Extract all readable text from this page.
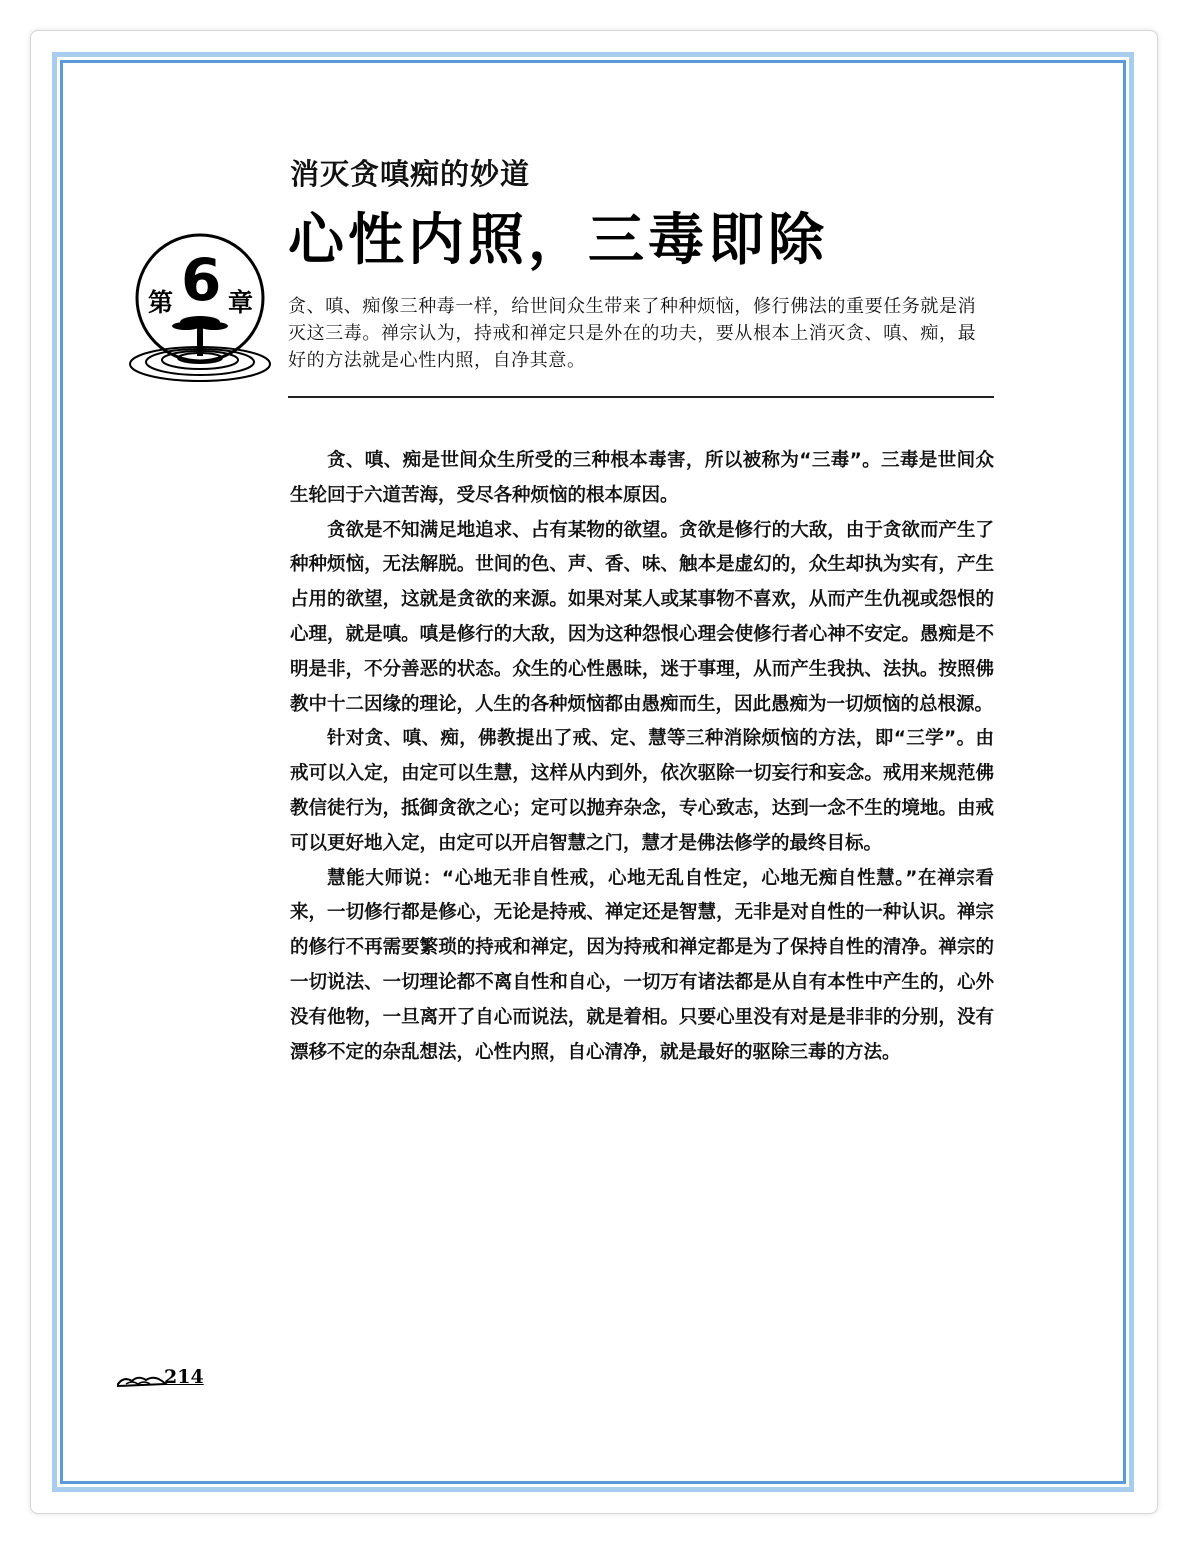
消灭贪嗔痴的妙道
心性内照，三毒即除
第 6 章 贪、嗔、痴像三种毒一样，给世间众生带来了种种烦恼，修行佛法的重要任务就是消灭这三毒。禅宗认为，持戒和禅定只是外在的功夫，要从根本上消灭贪、嗔、痴，最好的方法就是心性内照，自净其意。

贪、嗔、痴是世间众生所受的三种根本毒害，所以被称为“三毒”。三毒是世间众生轮回于六道苦海，受尽各种烦恼的根本原因。

贪欲是不知满足地追求、占有某物的欲望。贪欲是修行的大敌，由于贪欲而产生了种种烦恼，无法解脱。世间的色、声、香、味、触本是虚幻的，众生却执为实有，产生占用的欲望，这就是贪欲的来源。如果对某人或某事物不喜欢，从而产生仇视或怨恨的心理，就是嗔。嗔是修行的大敌，因为这种怨恨心理会使修行者心神不安定。愚痴是不明是非，不分善恶的状态。众生的心性愚昧，迷于事理，从而产生我执、法执。按照佛教中十二因缘的理论，人生的各种烦恼都由愚痴而生，因此愚痴为一切烦恼的总根源。

针对贪、嗔、痴，佛教提出了戒、定、慧等三种消除烦恼的方法，即“三学”。由戒可以入定，由定可以生慧，这样从内到外，依次驱除一切妄行和妄念。戒用来规范佛教信徒行为，抵御贪欲之心；定可以抛弃杂念，专心致志，达到一念不生的境地。由戒可以更好地入定，由定可以开启智慧之门，慧才是佛法修学的最终目标。

慧能大师说：“心地无非自性戒，心地无乱自性定，心地无痴自性慧。”在禅宗看来，一切修行都是修心，无论是持戒、禅定还是智慧，无非是对自性的一种认识。禅宗的修行不再需要繁琐的持戒和禅定，因为持戒和禅定都是为了保持自性的清净。禅宗的一切说法、一切理论都不离自性和自心，一切万有诸法都是从自有本性中产生的，心外没有他物，一旦离开了自心而说法，就是着相。只要心里没有对是是非非的分别，没有漂移不定的杂乱想法，心性内照，自心清净，就是最好的驱除三毒的方法。

214
